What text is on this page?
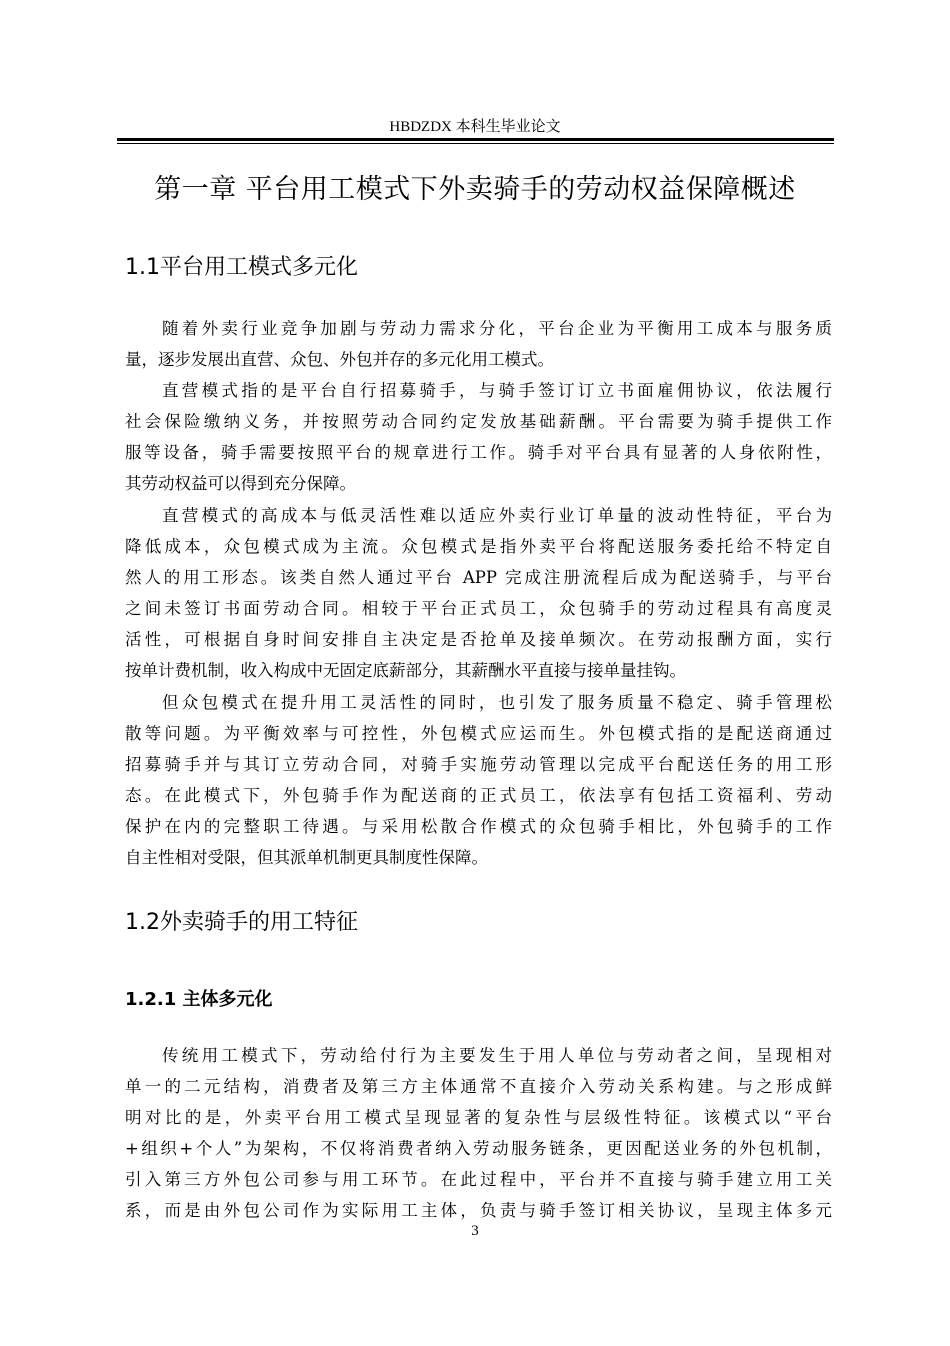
HBDZDX 本科生毕业论文
第一章 平台用工模式下外卖骑手的劳动权益保障概述
1.1平台用工模式多元化
随着外卖行业竞争加剧与劳动力需求分化，平台企业为平衡用工成本与服务质
量，逐步发展出直营、众包、外包并存的多元化用工模式。
直营模式指的是平台自行招募骑手，与骑手签订订立书面雇佣协议，依法履行
社会保险缴纳义务，并按照劳动合同约定发放基础薪酬。平台需要为骑手提供工作
服等设备，骑手需要按照平台的规章进行工作。骑手对平台具有显著的人身依附性，
其劳动权益可以得到充分保障。
直营模式的高成本与低灵活性难以适应外卖行业订单量的波动性特征，平台为
降低成本，众包模式成为主流。众包模式是指外卖平台将配送服务委托给不特定自
然人的用工形态。该类自然人通过平台 APP 完成注册流程后成为配送骑手，与平台
之间未签订书面劳动合同。相较于平台正式员工，众包骑手的劳动过程具有高度灵
活性，可根据自身时间安排自主决定是否抢单及接单频次。在劳动报酬方面，实行
按单计费机制，收入构成中无固定底薪部分，其薪酬水平直接与接单量挂钩。
但众包模式在提升用工灵活性的同时，也引发了服务质量不稳定、骑手管理松
散等问题。为平衡效率与可控性，外包模式应运而生。外包模式指的是配送商通过
招募骑手并与其订立劳动合同，对骑手实施劳动管理以完成平台配送任务的用工形
态。在此模式下，外包骑手作为配送商的正式员工，依法享有包括工资福利、劳动
保护在内的完整职工待遇。与采用松散合作模式的众包骑手相比，外包骑手的工作
自主性相对受限，但其派单机制更具制度性保障。
1.2外卖骑手的用工特征
1.2.1 主体多元化
传统用工模式下，劳动给付行为主要发生于用人单位与劳动者之间，呈现相对
单一的二元结构，消费者及第三方主体通常不直接介入劳动关系构建。与之形成鲜
明对比的是，外卖平台用工模式呈现显著的复杂性与层级性特征。该模式以“平台
+组织+个人”为架构，不仅将消费者纳入劳动服务链条，更因配送业务的外包机制，
引入第三方外包公司参与用工环节。在此过程中，平台并不直接与骑手建立用工关
系，而是由外包公司作为实际用工主体，负责与骑手签订相关协议，呈现主体多元
3
